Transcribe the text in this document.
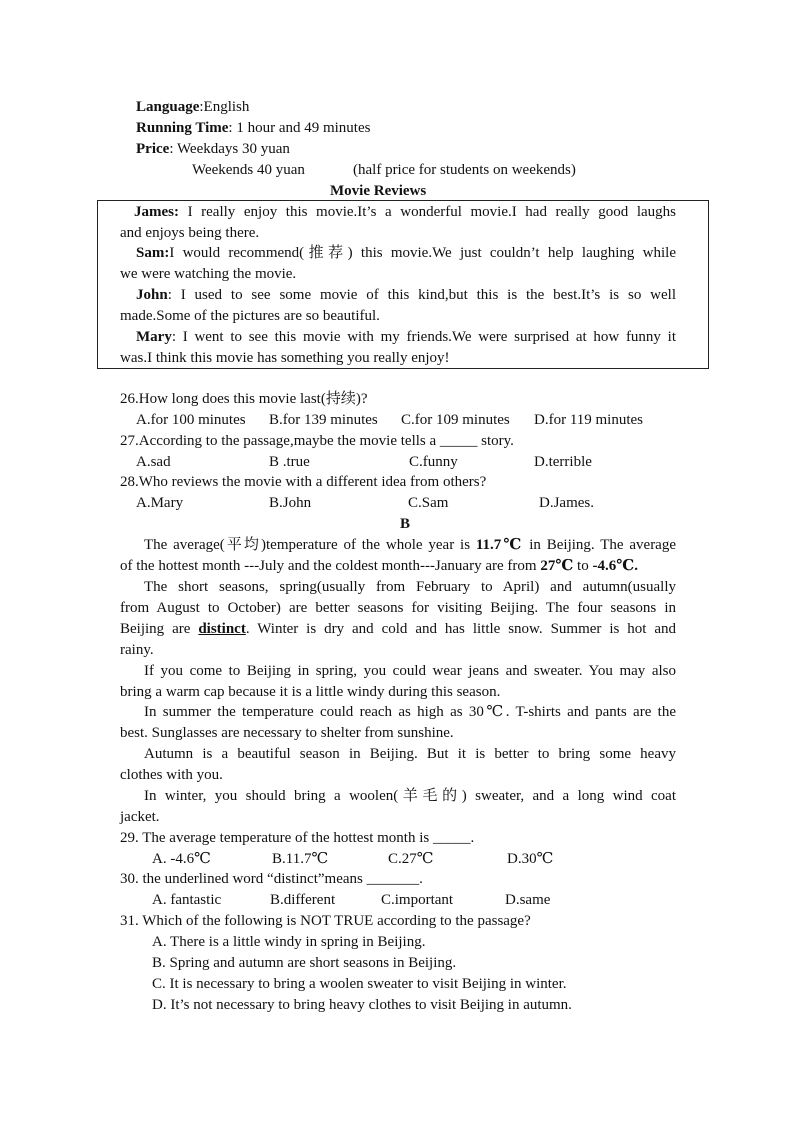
Language:English
Running Time: 1 hour and 49 minutes
Price: Weekdays 30 yuan
Weekends 40 yuan	(half price for students on weekends)
Movie Reviews
James: I really enjoy this movie.It’s a wonderful movie.I had really good laughs
and enjoys being there.
Sam:I would recommend(推荐) this movie.We just couldn’t help laughing while
we were watching the movie.
John: I used to see some movie of this kind,but this is the best.It’s is so well
made.Some of the pictures are so beautiful.
Mary: I went to see this movie with my friends.We were surprised at how funny it
was.I think this movie has something you really enjoy!
26.How long does this movie last(持续)?
A.for 100 minutes B.for 139 minutes C.for 109 minutes D.for 119 minutes
27.According to the passage,maybe the movie tells a _____ story.
A.sad	B .true	C.funny	D.terrible
28.Who reviews the movie with a different idea from others?
A.Mary	B.John	C.Sam	D.James.
B
The average(平均)temperature of the whole year is 11.7℃ in Beijing. The average
of the hottest month ---July and the coldest month---January are from 27℃ to -4.6℃.
The short seasons, spring(usually from February to April) and autumn(usually
from August to October) are better seasons for visiting Beijing. The four seasons in
Beijing are distinct. Winter is dry and cold and has little snow. Summer is hot and
rainy.
If you come to Beijing in spring, you could wear jeans and sweater. You may also
bring a warm cap because it is a little windy during this season.
In summer the temperature could reach as high as 30℃. T-shirts and pants are the
best. Sunglasses are necessary to shelter from sunshine.
Autumn is a beautiful season in Beijing. But it is better to bring some heavy
clothes with you.
In winter, you should bring a woolen(羊毛的) sweater, and a long wind coat
jacket.
29. The average temperature of the hottest month is _____.
A. -4.6℃	B.11.7℃	C.27℃	D.30℃
30. the underlined word “distinct”means _______.
A. fantastic	B.different	C.important	D.same
31. Which of the following is NOT TRUE according to the passage?
A. There is a little windy in spring in Beijing.
B. Spring and autumn are short seasons in Beijing.
C. It is necessary to bring a woolen sweater to visit Beijing in winter.
D. It’s not necessary to bring heavy clothes to visit Beijing in autumn.
